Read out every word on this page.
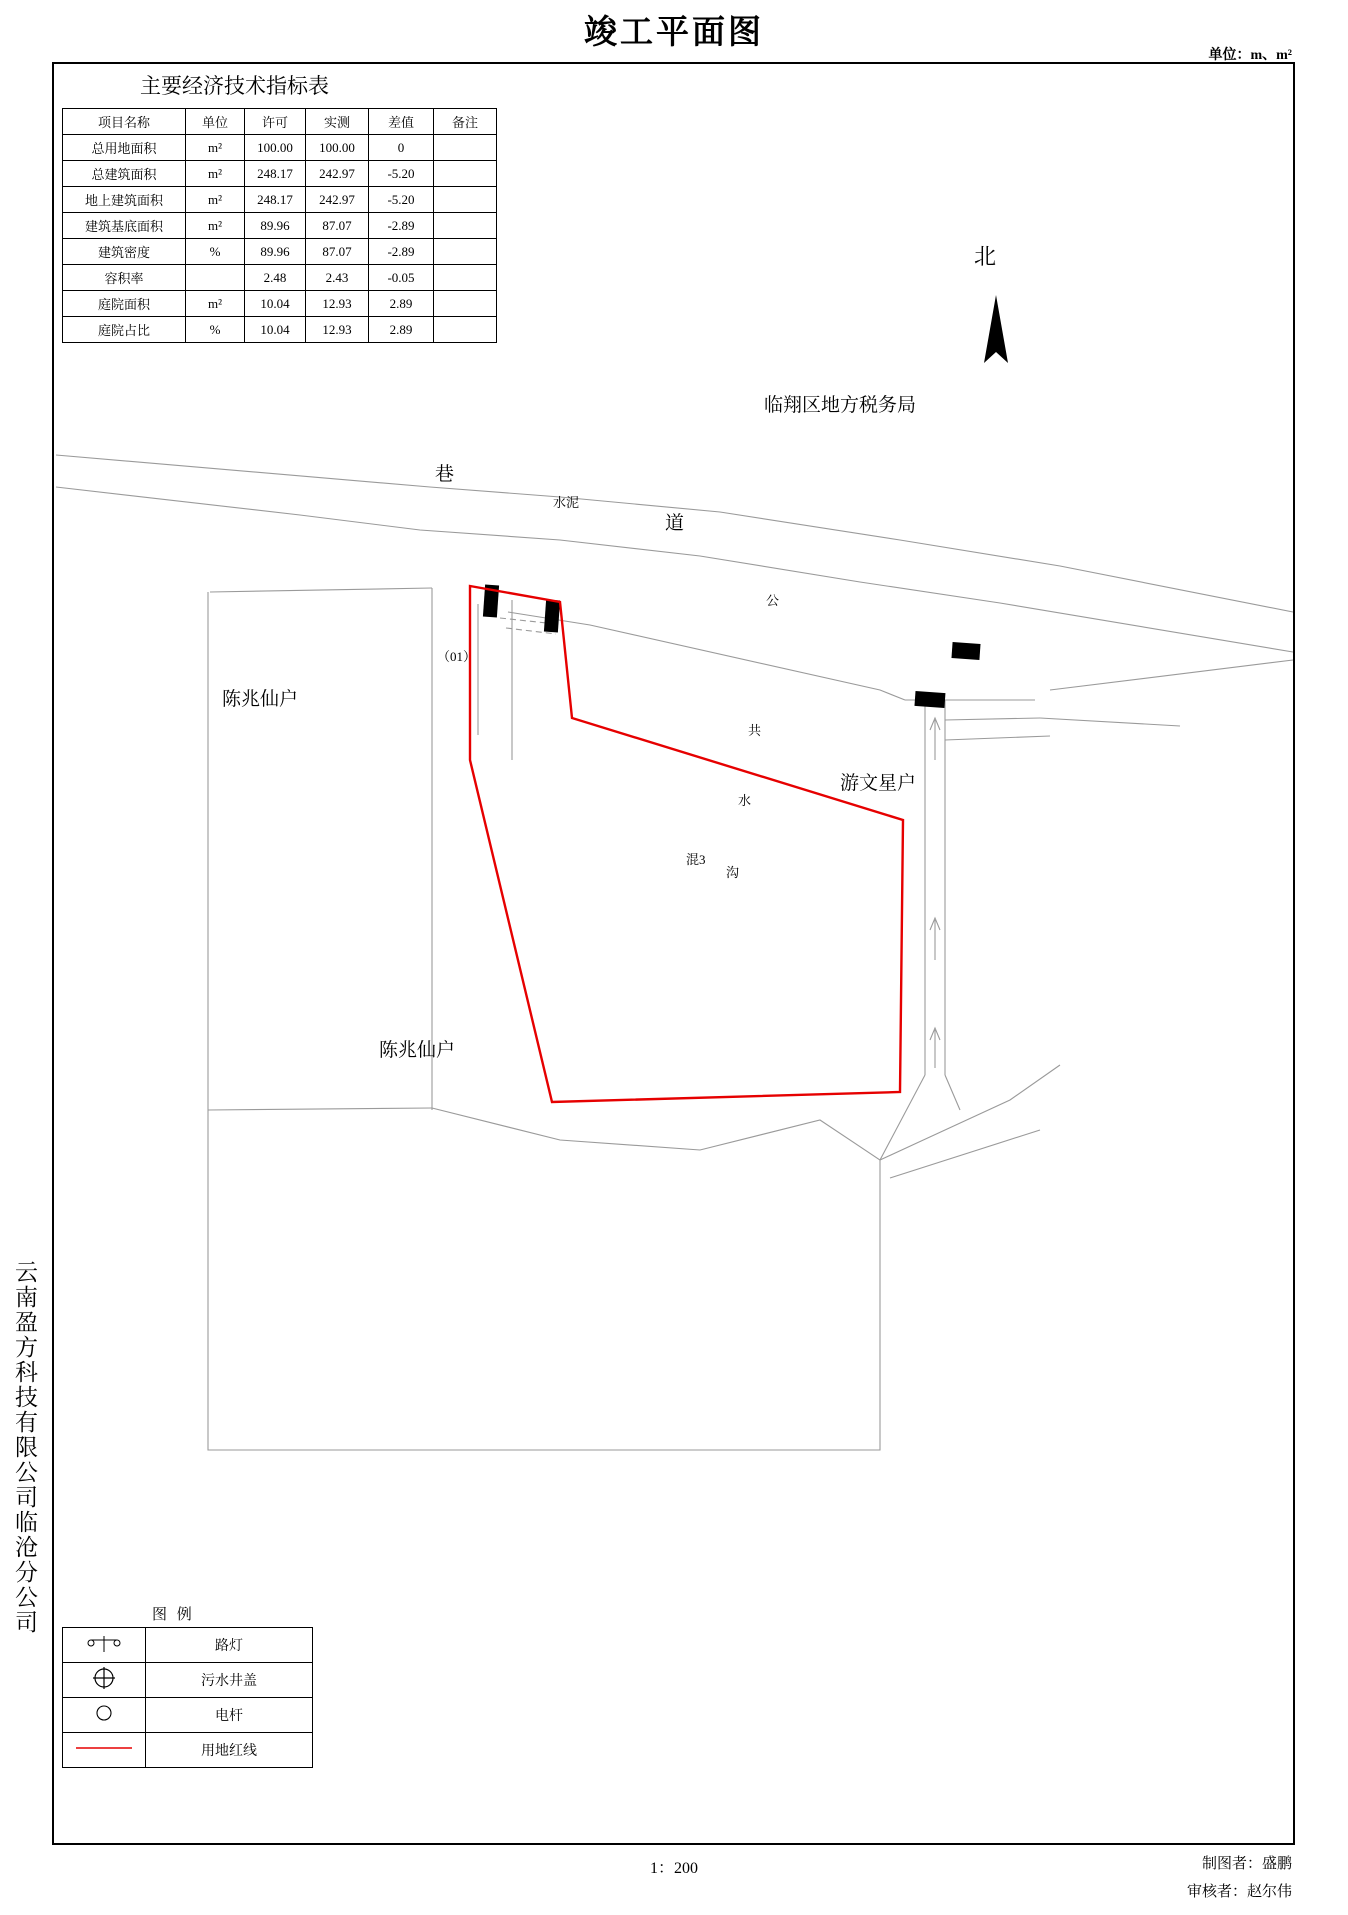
竣工平面图
单位：m、m²
主要经济技术指标表
项目名称	单位	许可	实测	差值	备注
总用地面积	m²	100.00	100.00	0	
总建筑面积	m²	248.17	242.97	-5.20	
地上建筑面积	m²	248.17	242.97	-5.20	
建筑基底面积	m²	89.96	87.07	-2.89	
建筑密度	%	89.96	87.07	-2.89	
容积率		2.48	2.43	-0.05	
庭院面积	m²	10.04	12.93	2.89	
庭院占比	%	10.04	12.93	2.89	
北
临翔区地方税务局
巷
道
水泥
（01）
陈兆仙户
陈兆仙户
游文星户
混3
公
共
水
沟
图 例
	路灯
	污水井盖
	电杆
	用地红线
1：200	制图者：盛鹏
审核者：赵尔伟
云南盈方科技有限公司临沧分公司
